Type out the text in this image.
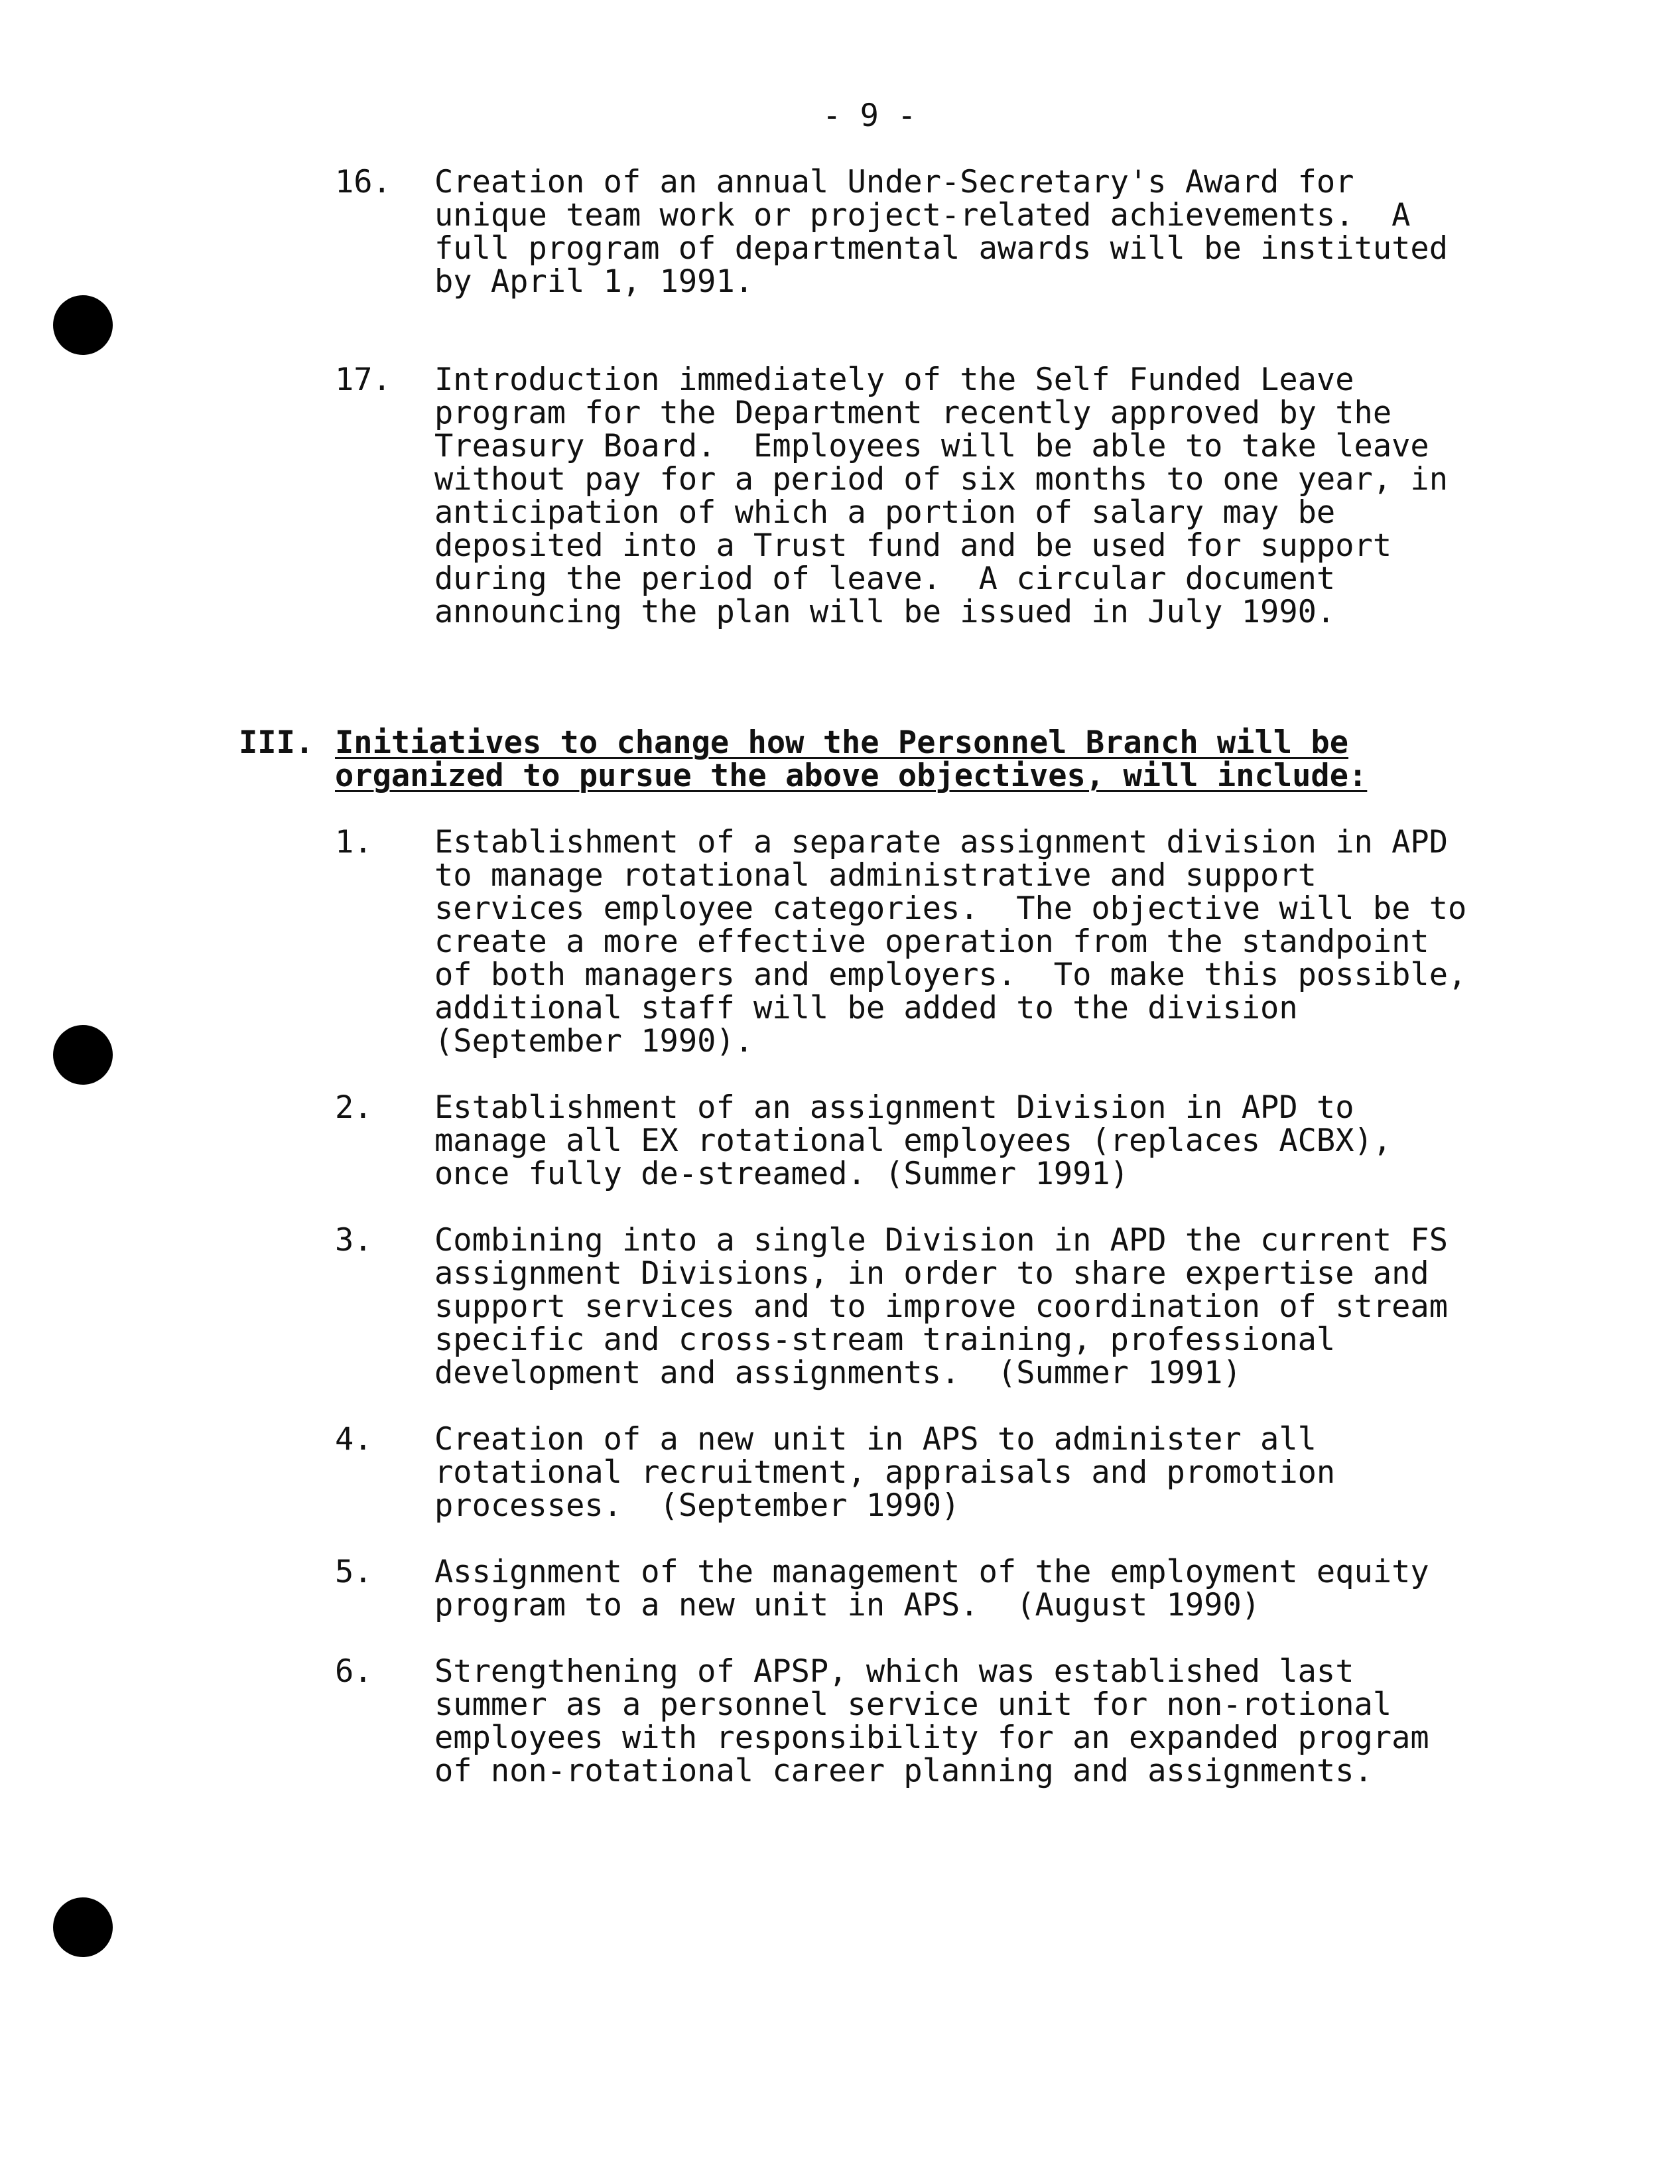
- 9 -
16. Creation of an annual Under-Secretary's Award for
unique team work or project-related achievements.  A
full program of departmental awards will be instituted
by April 1, 1991.
17. Introduction immediately of the Self Funded Leave
program for the Department recently approved by the
Treasury Board.  Employees will be able to take leave
without pay for a period of six months to one year, in
anticipation of which a portion of salary may be
deposited into a Trust fund and be used for support
during the period of leave.  A circular document
announcing the plan will be issued in July 1990.
III. Initiatives to change how the Personnel Branch will be
organized to pursue the above objectives, will include:
1. Establishment of a separate assignment division in APD
to manage rotational administrative and support
services employee categories.  The objective will be to
create a more effective operation from the standpoint
of both managers and employers.  To make this possible,
additional staff will be added to the division
(September 1990).
2. Establishment of an assignment Division in APD to
manage all EX rotational employees (replaces ACBX),
once fully de-streamed. (Summer 1991)
3. Combining into a single Division in APD the current FS
assignment Divisions, in order to share expertise and
support services and to improve coordination of stream
specific and cross-stream training, professional
development and assignments.  (Summer 1991)
4. Creation of a new unit in APS to administer all
rotational recruitment, appraisals and promotion
processes.  (September 1990)
5. Assignment of the management of the employment equity
program to a new unit in APS.  (August 1990)
6. Strengthening of APSP, which was established last
summer as a personnel service unit for non-rotional
employees with responsibility for an expanded program
of non-rotational career planning and assignments.
